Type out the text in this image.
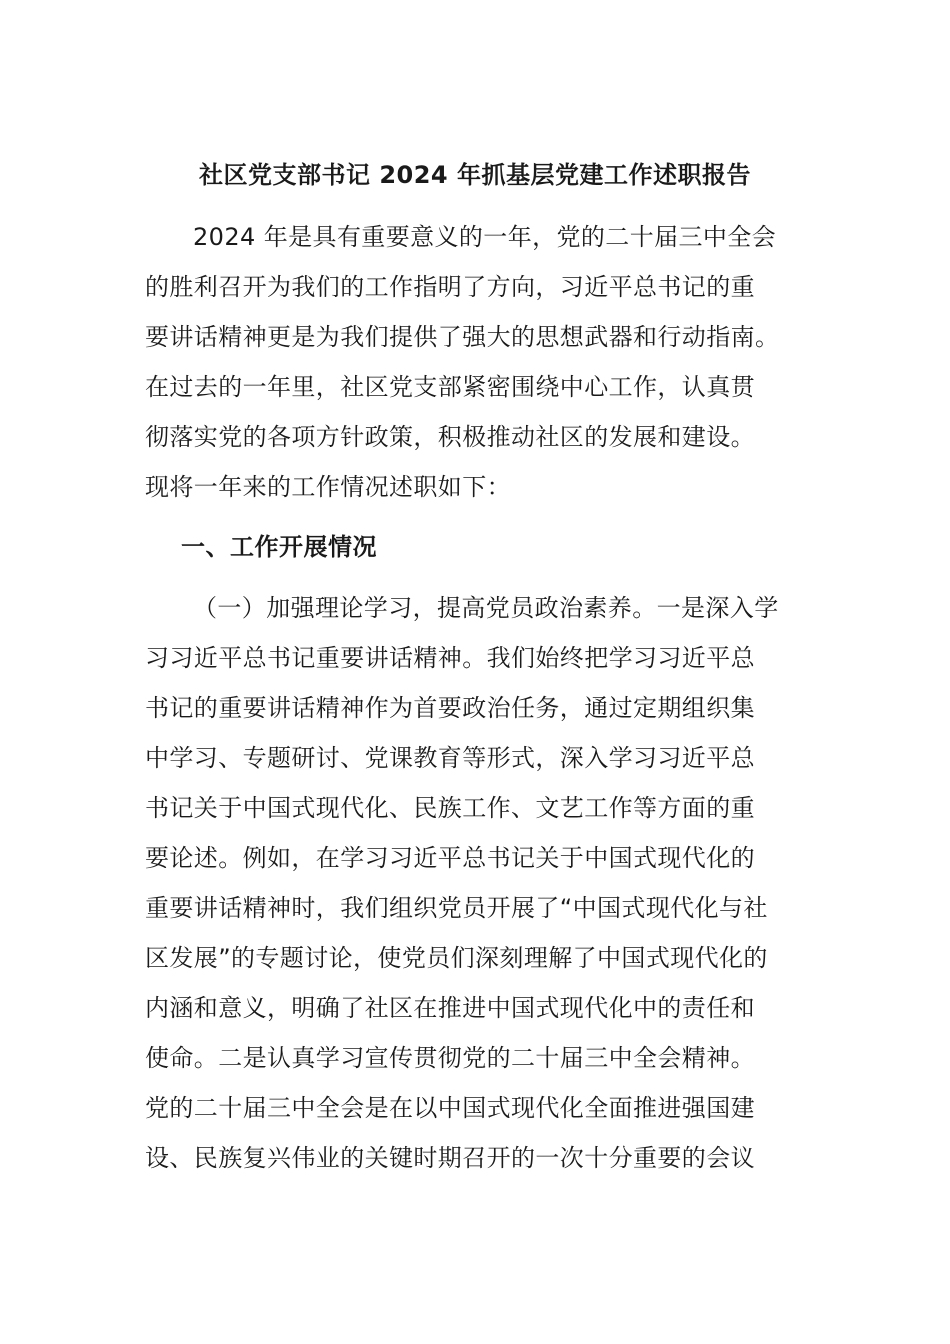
社区党支部书记 2024 年抓基层党建工作述职报告
2024 年是具有重要意义的一年，党的二十届三中全会
的胜利召开为我们的工作指明了方向，习近平总书记的重
要讲话精神更是为我们提供了强大的思想武器和行动指南。
在过去的一年里，社区党支部紧密围绕中心工作，认真贯
彻落实党的各项方针政策，积极推动社区的发展和建设。
现将一年来的工作情况述职如下：
一、工作开展情况
（一）加强理论学习，提高党员政治素养。一是深入学
习习近平总书记重要讲话精神。我们始终把学习习近平总
书记的重要讲话精神作为首要政治任务，通过定期组织集
中学习、专题研讨、党课教育等形式，深入学习习近平总
书记关于中国式现代化、民族工作、文艺工作等方面的重
要论述。例如，在学习习近平总书记关于中国式现代化的
重要讲话精神时，我们组织党员开展了“中国式现代化与社
区发展”的专题讨论，使党员们深刻理解了中国式现代化的
内涵和意义，明确了社区在推进中国式现代化中的责任和
使命。二是认真学习宣传贯彻党的二十届三中全会精神。
党的二十届三中全会是在以中国式现代化全面推进强国建
设、民族复兴伟业的关键时期召开的一次十分重要的会议
